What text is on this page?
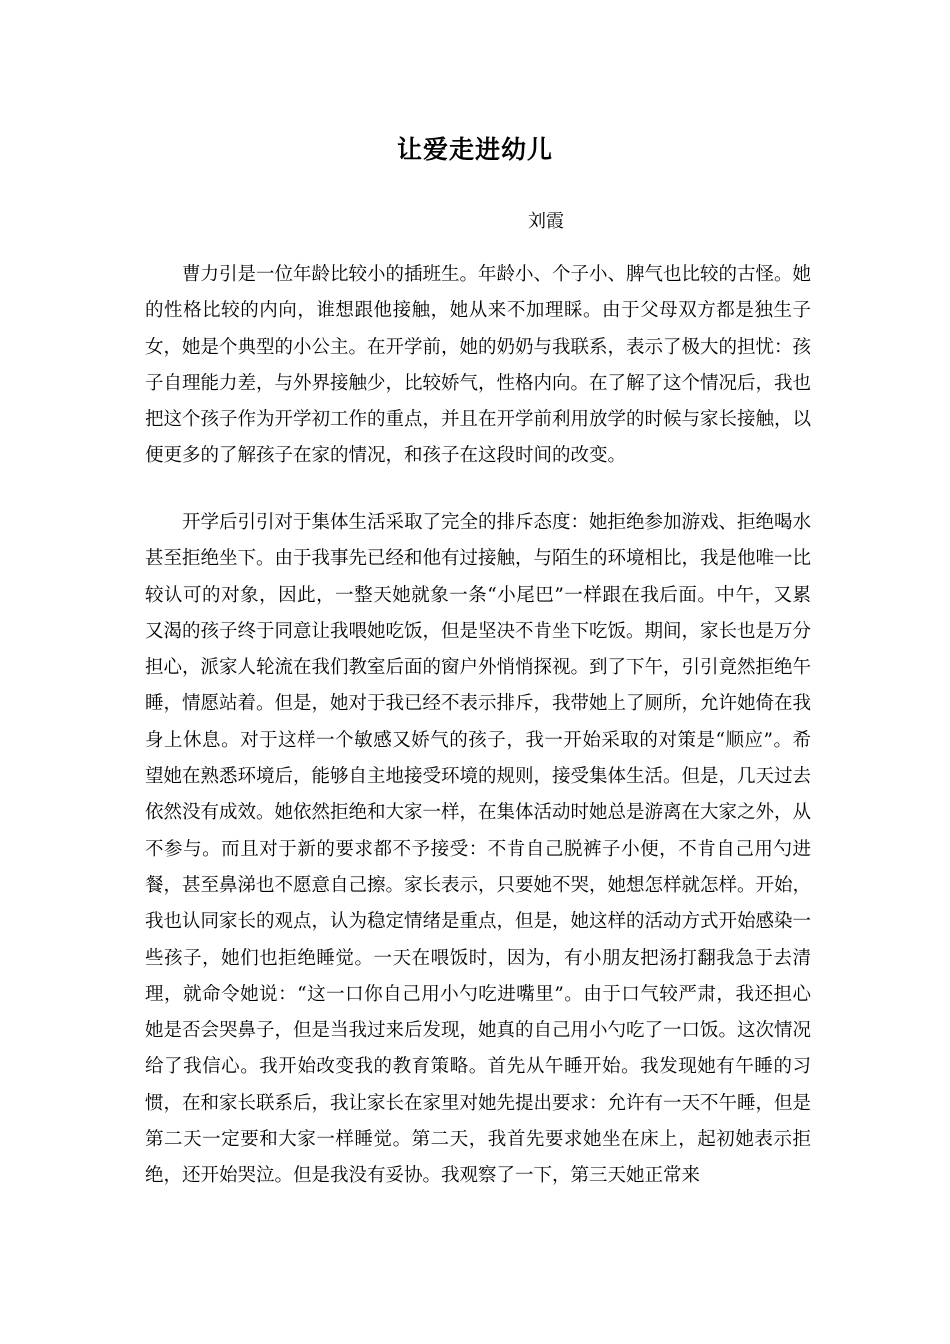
让爱走进幼儿

刘霞

曹力引是一位年龄比较小的插班生。年龄小、个子小、脾气也比较的古怪。她的性格比较的内向，谁想跟他接触，她从来不加理睬。由于父母双方都是独生子女，她是个典型的小公主。在开学前，她的奶奶与我联系，表示了极大的担忧：孩子自理能力差，与外界接触少，比较娇气，性格内向。在了解了这个情况后，我也把这个孩子作为开学初工作的重点，并且在开学前利用放学的时候与家长接触，以便更多的了解孩子在家的情况，和孩子在这段时间的改变。

开学后引引对于集体生活采取了完全的排斥态度：她拒绝参加游戏、拒绝喝水甚至拒绝坐下。由于我事先已经和他有过接触，与陌生的环境相比，我是他唯一比较认可的对象，因此，一整天她就象一条“小尾巴”一样跟在我后面。中午，又累又渴的孩子终于同意让我喂她吃饭，但是坚决不肯坐下吃饭。期间，家长也是万分担心，派家人轮流在我们教室后面的窗户外悄悄探视。到了下午，引引竟然拒绝午睡，情愿站着。但是，她对于我已经不表示排斥，我带她上了厕所，允许她倚在我身上休息。对于这样一个敏感又娇气的孩子，我一开始采取的对策是“顺应”。希望她在熟悉环境后，能够自主地接受环境的规则，接受集体生活。但是，几天过去依然没有成效。她依然拒绝和大家一样，在集体活动时她总是游离在大家之外，从不参与。而且对于新的要求都不予接受：不肯自己脱裤子小便，不肯自己用勺进餐，甚至鼻涕也不愿意自己擦。家长表示，只要她不哭，她想怎样就怎样。开始，我也认同家长的观点，认为稳定情绪是重点，但是，她这样的活动方式开始感染一些孩子，她们也拒绝睡觉。一天在喂饭时，因为，有小朋友把汤打翻我急于去清理，就命令她说：“这一口你自己用小勺吃进嘴里”。由于口气较严肃，我还担心她是否会哭鼻子，但是当我过来后发现，她真的自己用小勺吃了一口饭。这次情况给了我信心。我开始改变我的教育策略。首先从午睡开始。我发现她有午睡的习惯，在和家长联系后，我让家长在家里对她先提出要求：允许有一天不午睡，但是第二天一定要和大家一样睡觉。第二天，我首先要求她坐在床上，起初她表示拒绝，还开始哭泣。但是我没有妥协。我观察了一下，第三天她正常来
